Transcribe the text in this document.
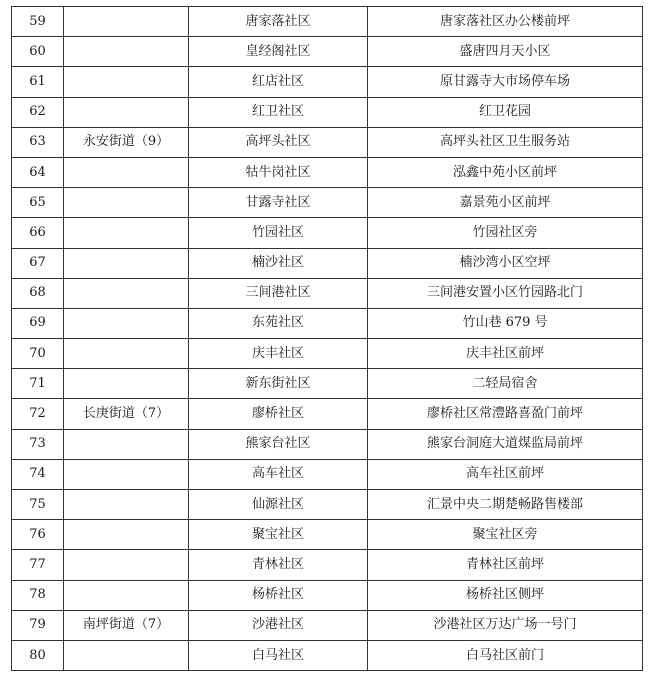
59		唐家落社区	唐家落社区办公楼前坪
60		皇经阁社区	盛唐四月天小区
61		红店社区	原甘露寺大市场停车场
62		红卫社区	红卫花园
63	永安街道（9）	高坪头社区	高坪头社区卫生服务站
64		牯牛岗社区	泓鑫中苑小区前坪
65		甘露寺社区	嘉景苑小区前坪
66		竹园社区	竹园社区旁
67		楠沙社区	楠沙湾小区空坪
68		三间港社区	三间港安置小区竹园路北门
69		东苑社区	竹山巷 679 号
70		庆丰社区	庆丰社区前坪
71		新东街社区	二轻局宿舍
72	长庚街道（7）	廖桥社区	廖桥社区常澧路喜盈门前坪
73		熊家台社区	熊家台洞庭大道煤监局前坪
74		高车社区	高车社区前坪
75		仙源社区	汇景中央二期楚畅路售楼部
76		聚宝社区	聚宝社区旁
77		青林社区	青林社区前坪
78		杨桥社区	杨桥社区侧坪
79	南坪街道（7）	沙港社区	沙港社区万达广场一号门
80		白马社区	白马社区前门
